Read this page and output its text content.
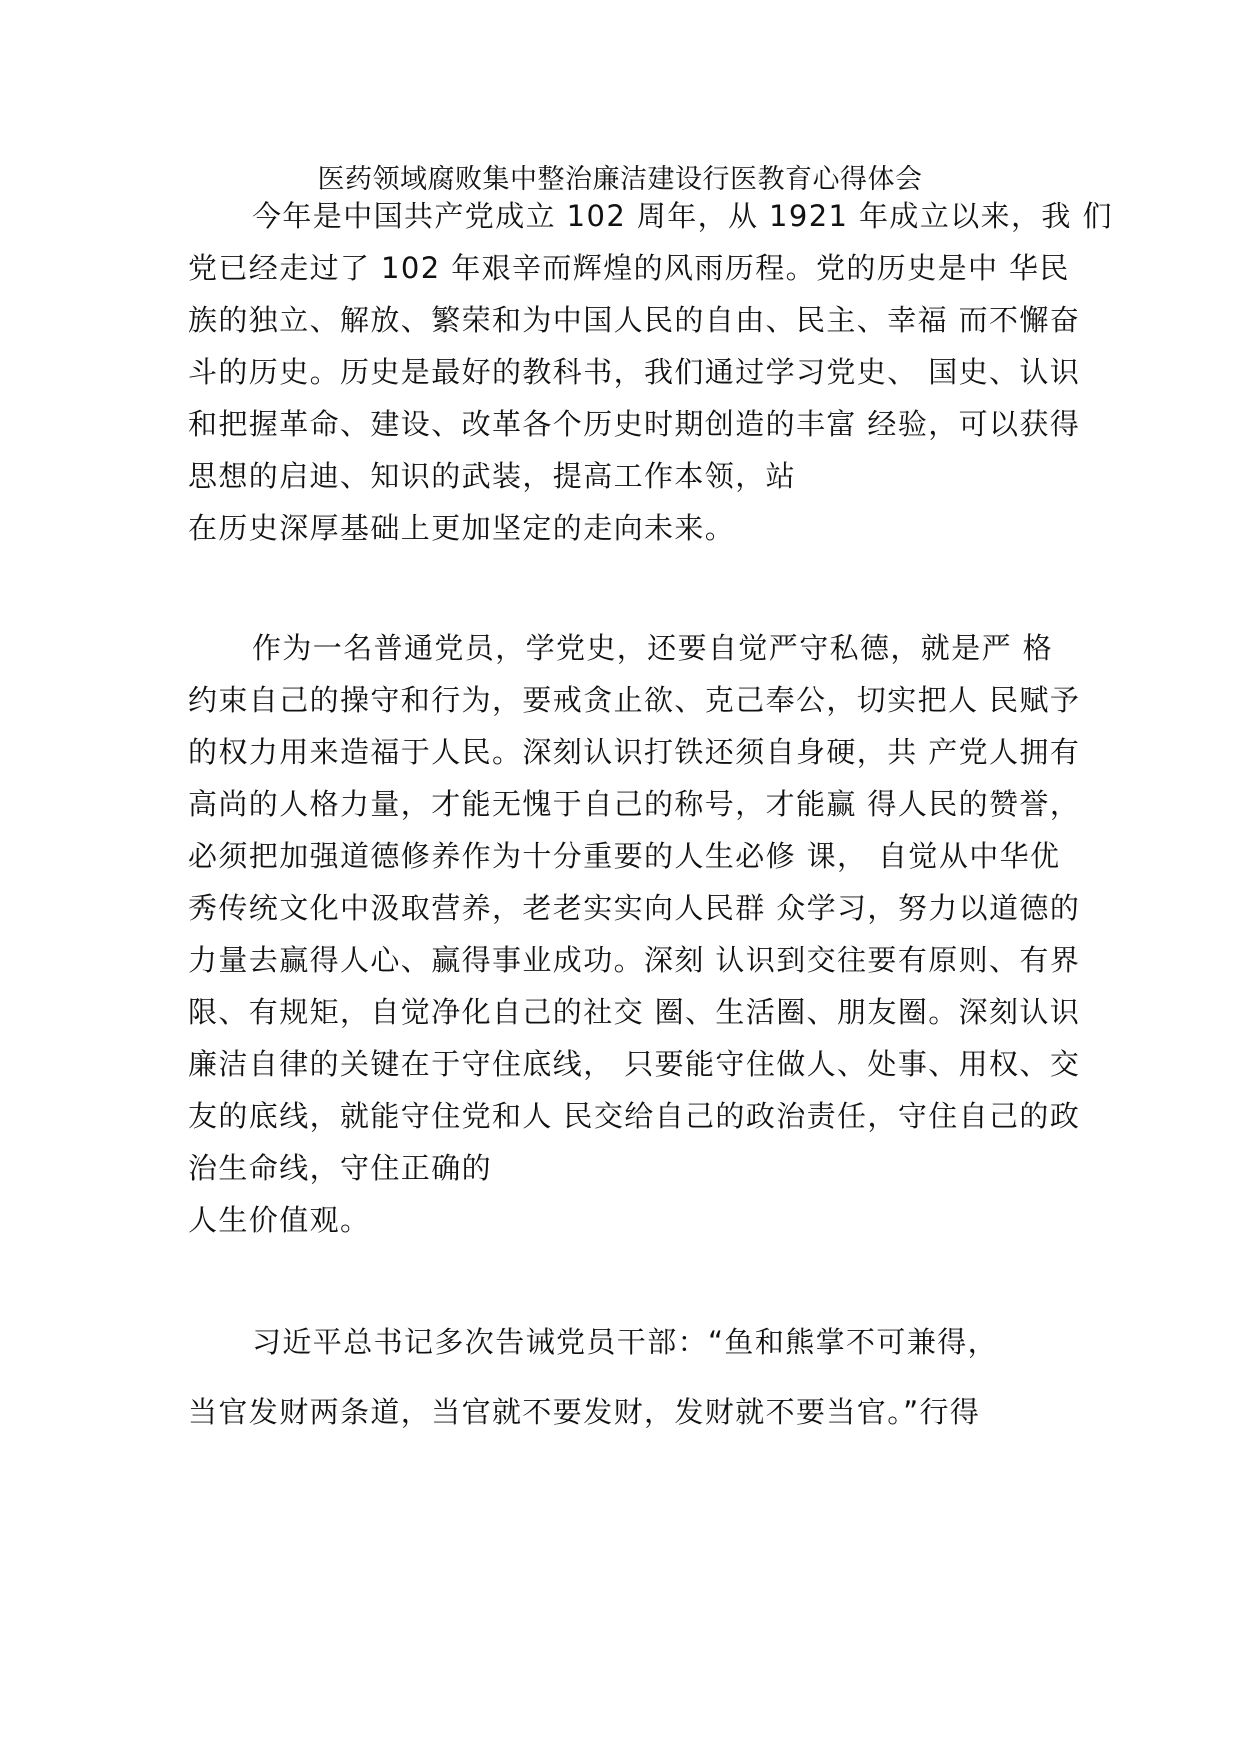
医药领域腐败集中整治廉洁建设行医教育心得体会
今年是中国共产党成立 102 周年，从 1921 年成立以来，我 们
党已经走过了 102 年艰辛而辉煌的风雨历程。党的历史是中 华民
族的独立、解放、繁荣和为中国人民的自由、民主、幸福 而不懈奋
斗的历史。历史是最好的教科书，我们通过学习党史、 国史、认识
和把握革命、建设、改革各个历史时期创造的丰富 经验，可以获得
思想的启迪、知识的武装，提高工作本领，站
在历史深厚基础上更加坚定的走向未来。
作为一名普通党员，学党史，还要自觉严守私德，就是严 格
约束自己的操守和行为，要戒贪止欲、克己奉公，切实把人 民赋予
的权力用来造福于人民。深刻认识打铁还须自身硬，共 产党人拥有
高尚的人格力量，才能无愧于自己的称号，才能赢 得人民的赞誉，
必须把加强道德修养作为十分重要的人生必修 课， 自觉从中华优
秀传统文化中汲取营养，老老实实向人民群 众学习，努力以道德的
力量去赢得人心、赢得事业成功。深刻 认识到交往要有原则、有界
限、有规矩，自觉净化自己的社交 圈、生活圈、朋友圈。深刻认识
廉洁自律的关键在于守住底线， 只要能守住做人、处事、用权、交
友的底线，就能守住党和人 民交给自己的政治责任，守住自己的政
治生命线，守住正确的
人生价值观。
习近平总书记多次告诫党员干部：“鱼和熊掌不可兼得，
当官发财两条道，当官就不要发财，发财就不要当官。”行得
